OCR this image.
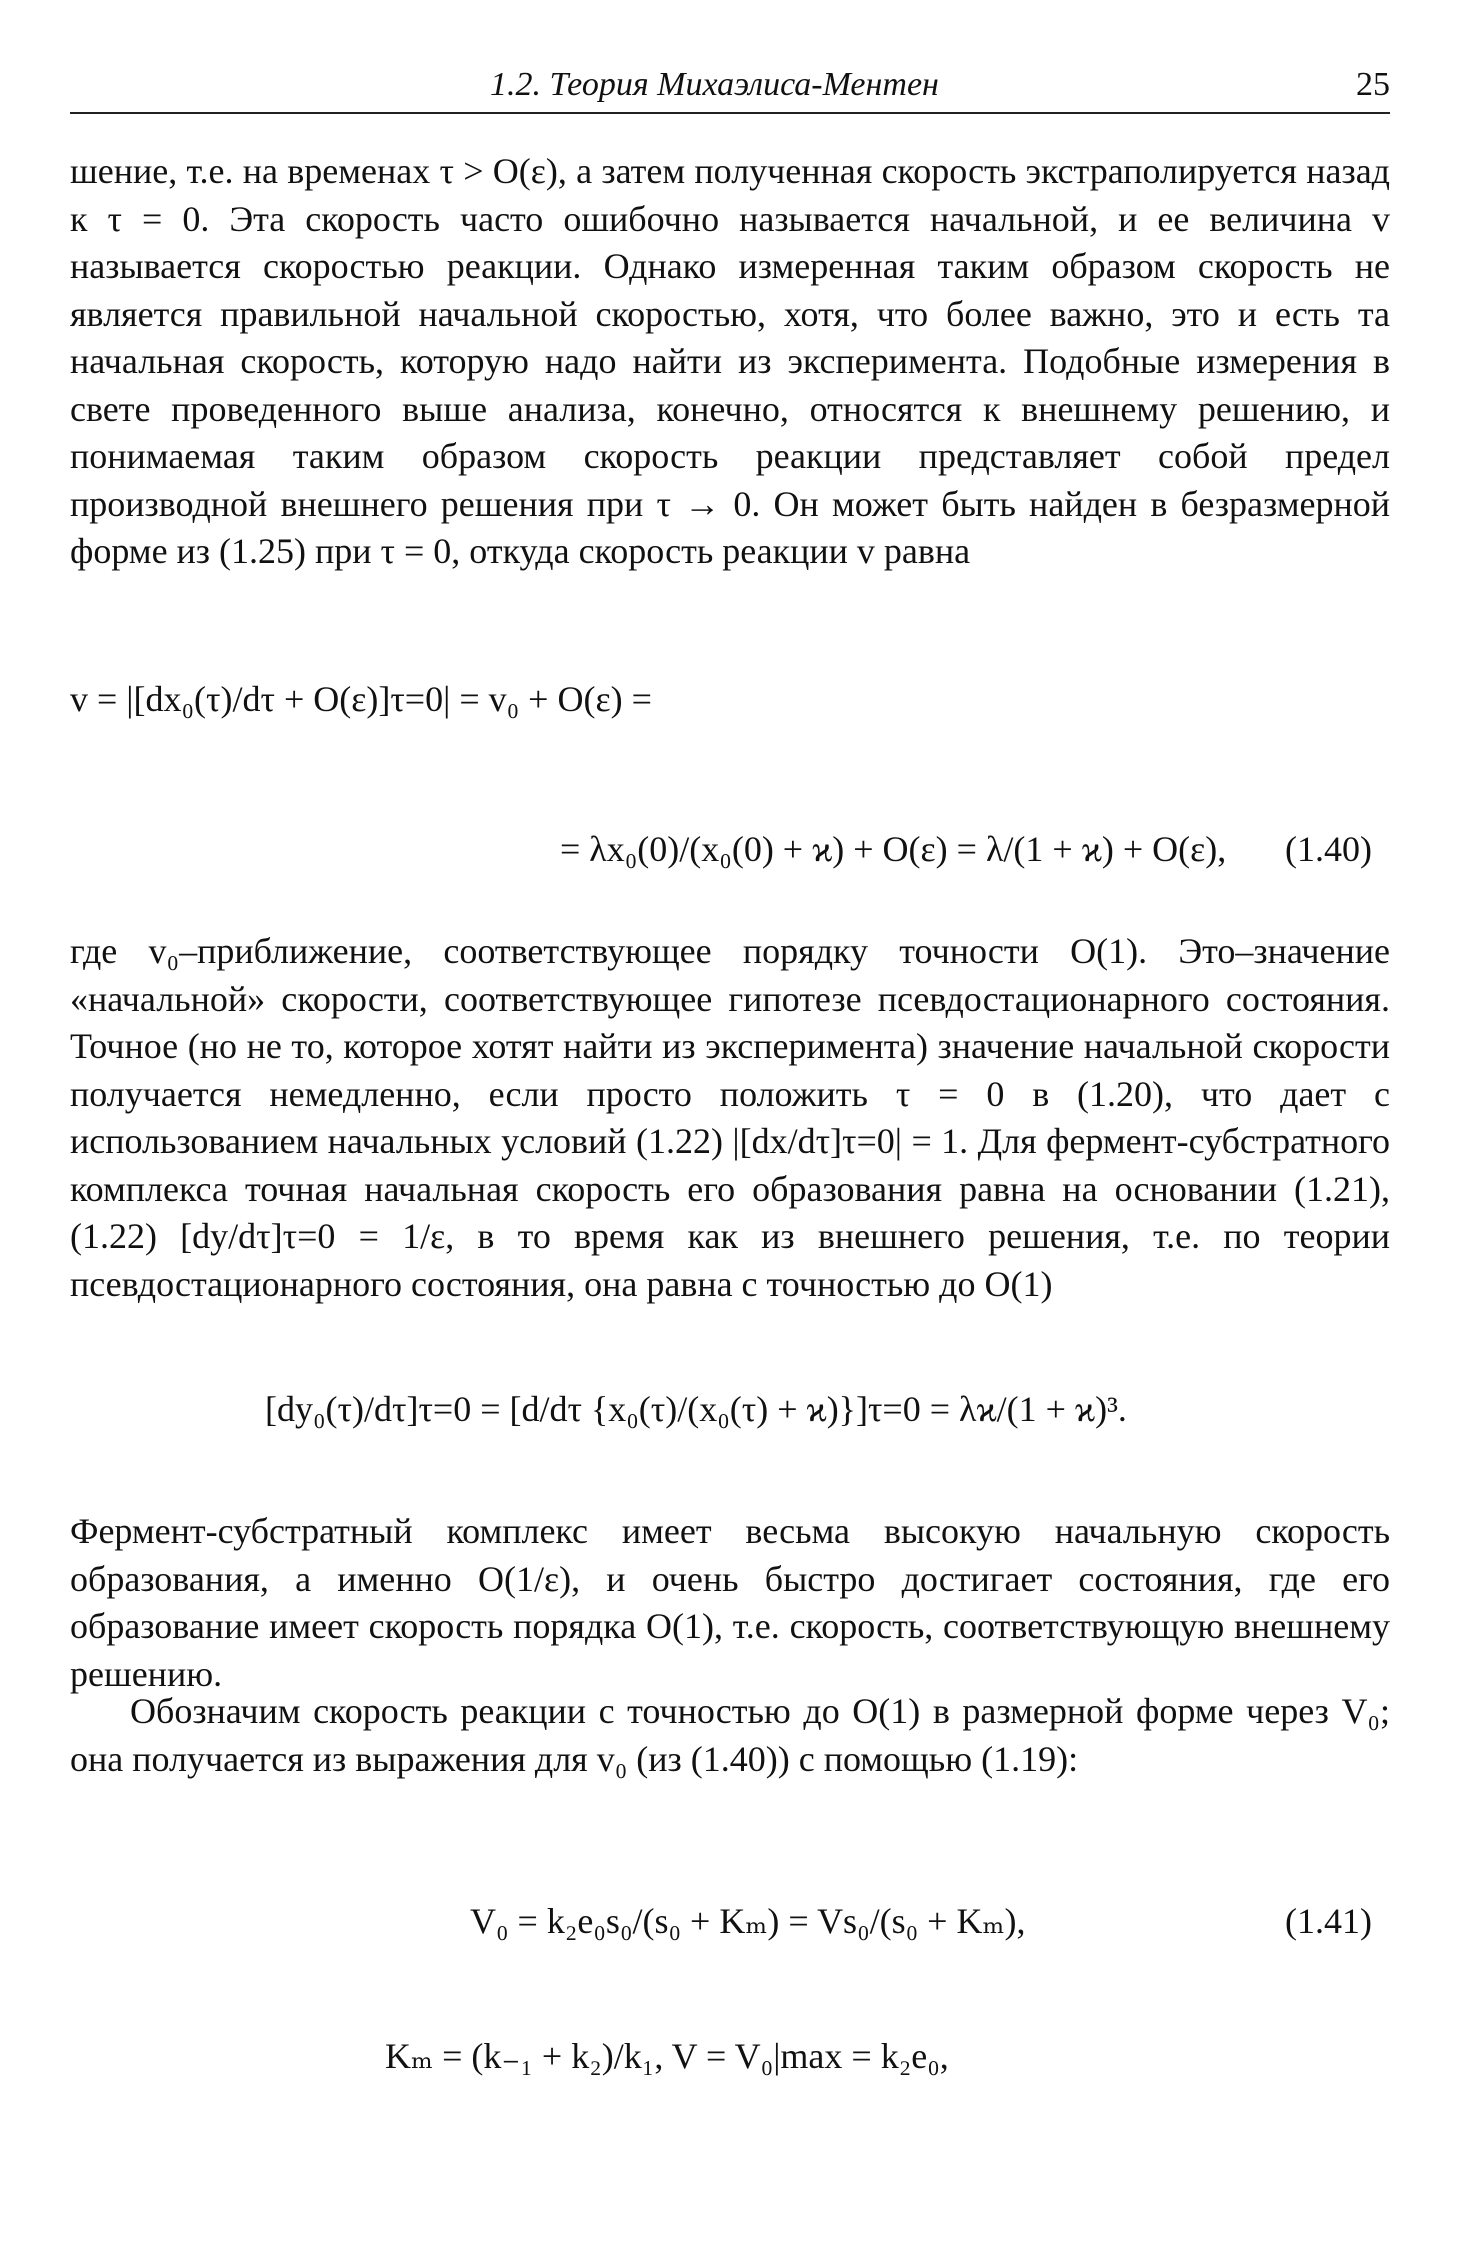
1.2. Теория Михаэлиса-Ментен	25

шение, т.е. на временах τ > O(ε), а затем полученная скорость экстраполируется назад к τ = 0. Эта скорость часто ошибочно называется начальной, и ее величина v называется скоростью реакции. Однако измеренная таким образом скорость не является правильной начальной скоростью, хотя, что более важно, это и есть та начальная скорость, которую надо найти из эксперимента. Подобные измерения в свете проведенного выше анализа, конечно, относятся к внешнему решению, и понимаемая таким образом скорость реакции представляет собой предел производной внешнего решения при τ → 0. Он может быть найден в безразмерной форме из (1.25) при τ = 0, откуда скорость реакции v равна

v = |[dx₀(τ)/dτ + O(ε)]τ=0| = v₀ + O(ε) =
= λx₀(0)/(x₀(0) + ϰ) + O(ε) = λ/(1 + ϰ) + O(ε), (1.40)

где v₀–приближение, соответствующее порядку точности O(1). Это–значение «начальной» скорости, соответствующее гипотезе псевдостационарного состояния. Точное (но не то, которое хотят найти из эксперимента) значение начальной скорости получается немедленно, если просто положить τ = 0 в (1.20), что дает с использованием начальных условий (1.22) |[dx/dτ]τ=0| = 1. Для фермент-субстратного комплекса точная начальная скорость его образования равна на основании (1.21), (1.22) [dy/dτ]τ=0 = 1/ε, в то время как из внешнего решения, т.е. по теории псевдостационарного состояния, она равна с точностью до O(1)

[dy₀(τ)/dτ]τ=0 = [d/dτ {x₀(τ)/(x₀(τ) + ϰ)}]τ=0 = λϰ/(1 + ϰ)³.

Фермент-субстратный комплекс имеет весьма высокую начальную скорость образования, а именно O(1/ε), и очень быстро достигает состояния, где его образование имеет скорость порядка O(1), т.е. скорость, соответствующую внешнему решению.

Обозначим скорость реакции с точностью до O(1) в размерной форме через V₀; она получается из выражения для v₀ (из (1.40)) с помощью (1.19):

V₀ = k₂e₀s₀/(s₀ + Kₘ) = Vs₀/(s₀ + Kₘ),	(1.41)
Kₘ = (k₋₁ + k₂)/k₁, V = V₀|max = k₂e₀,
